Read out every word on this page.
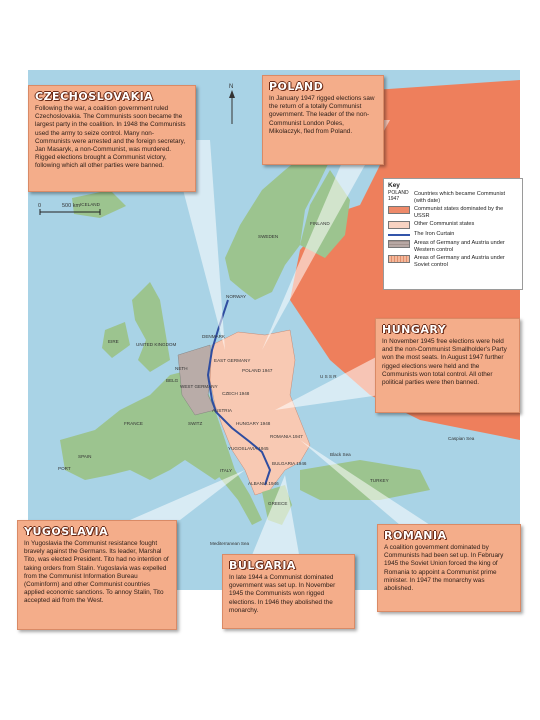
ICELAND
SWEDEN
FINLAND
NORWAY
EIRE
UNITED KINGDOM
DENMARK
NETH
BELG
FRANCE	SWITZ
SPAIN
PORT	ITALY
WEST GERMANY
EAST GERMANY
AUSTRIA
POLAND 1947
CZECH 1948
HUNGARY 1948
YUGOSLAVIA 1945
ROMANIA 1947
BULGARIA 1946
ALBANIA 1946
U S S R
GREECE
TURKEY
Black Sea
Caspian Sea
Mediterranean Sea
N
0	500 km
CZECHOSLOVAKIA

Following the war, a coalition government ruled Czechoslovakia. The Communists soon became the largest party in the coalition. In 1948 the Communists used the army to seize control. Many non-Communists were arrested and the foreign secretary, Jan Masaryk, a non-Communist, was murdered. Rigged elections brought a Communist victory, following which all other parties were banned.

POLAND

In January 1947 rigged elections saw the return of a totally Communist government. The leader of the non-Communist London Poles, Mikolaczyk, fled from Poland.

Key
POLAND 1947
Countries which became Communist (with date)
Communist states dominated by the USSR
Other Communist states
The Iron Curtain
Areas of Germany and Austria under Western control
Areas of Germany and Austria under Soviet control
HUNGARY

In November 1945 free elections were held and the non-Communist Smallholder's Party won the most seats. In August 1947 further rigged elections were held and the Communists won total control. All other political parties were then banned.

YUGOSLAVIA

In Yugoslavia the Communist resistance fought bravely against the Germans. Its leader, Marshal Tito, was elected President. Tito had no intention of taking orders from Stalin. Yugoslavia was expelled from the Communist Information Bureau (Cominform) and other Communist countries applied economic sanctions. To annoy Stalin, Tito accepted aid from the West.

BULGARIA

In late 1944 a Communist dominated government was set up. In November 1945 the Communists won rigged elections. In 1946 they abolished the monarchy.

ROMANIA

A coalition government dominated by Communists had been set up. In February 1945 the Soviet Union forced the king of Romania to appoint a Communist prime minister. In 1947 the monarchy was abolished.
